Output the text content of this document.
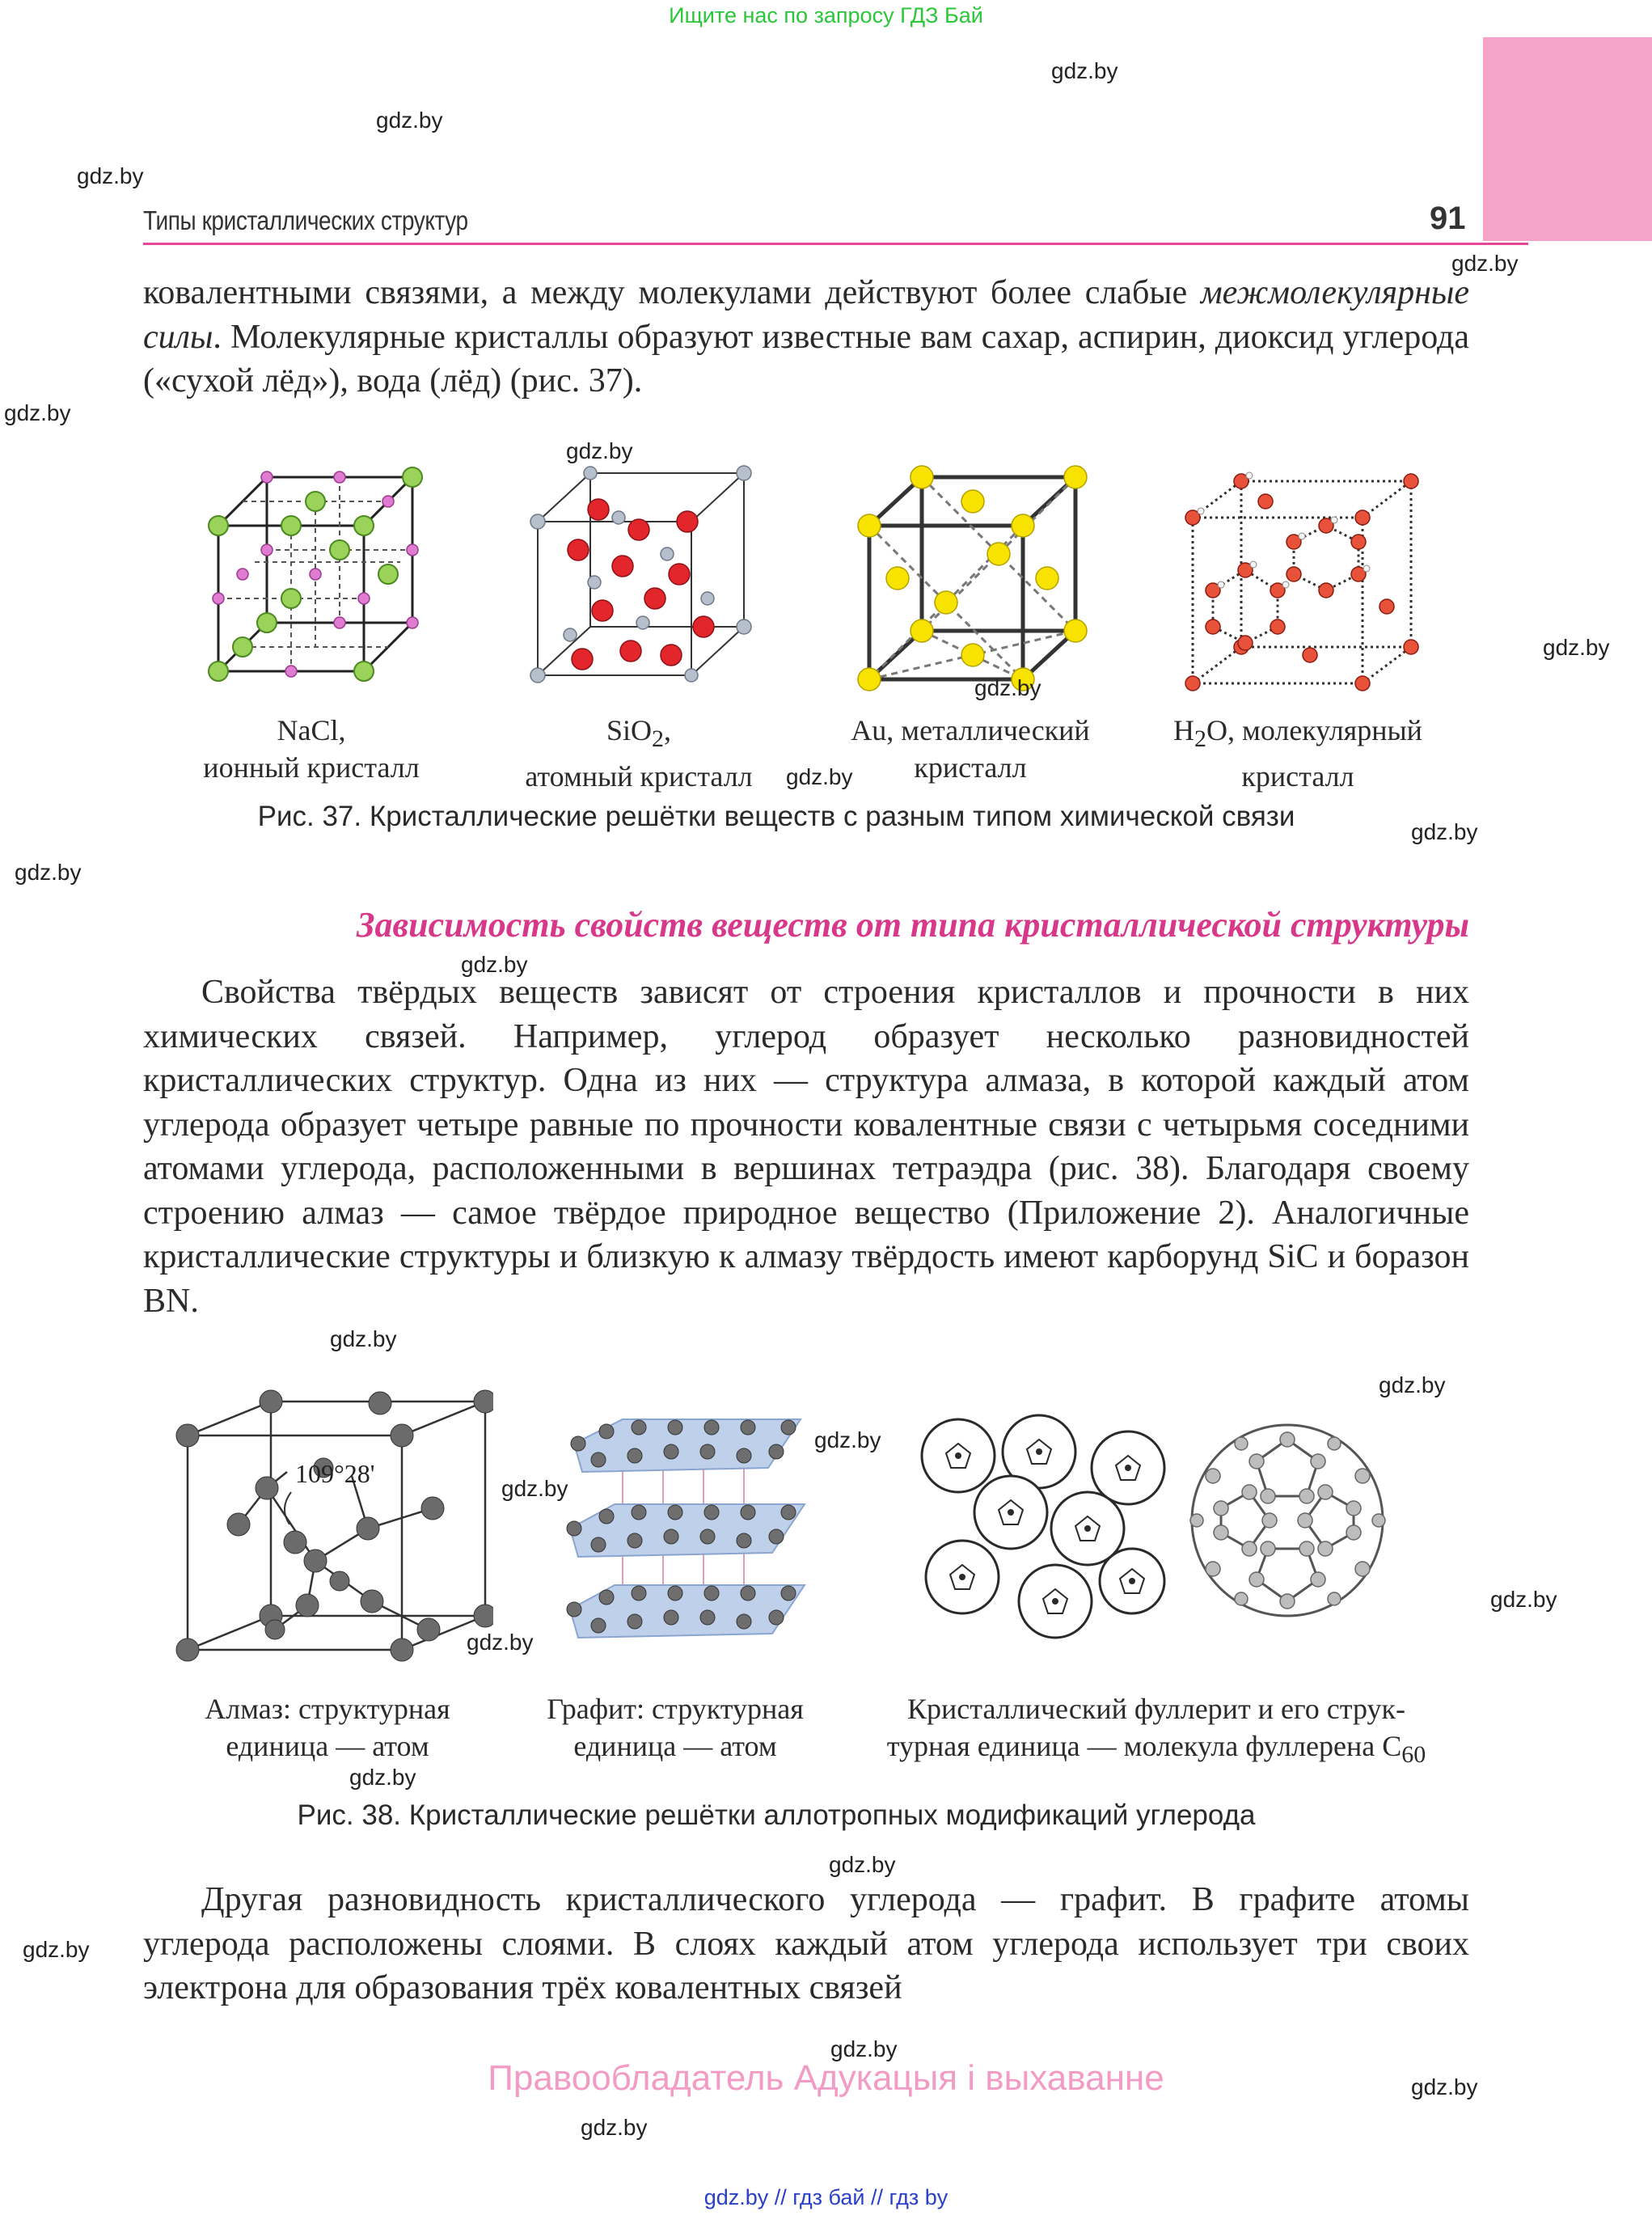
Ищите нас по запросу ГДЗ Бай
Типы кристаллических структур	91
ковалентными связями, а между молекулами действуют более слабые межмолекулярные силы. Молекулярные кристаллы образуют известные вам сахар, аспирин, диоксид углерода («сухой лёд»), вода (лёд) (рис. 37).
NaCl,
ионный кристалл
SiO$_2$,
атомный кристалл
Au, металлический
кристалл
$H_2O$, молекулярный
кристалл
Рис. 37. Кристаллические решётки веществ с разным типом химической связи
Зависимость свойств веществ от типа кристаллической структуры
Свойства твёрдых веществ зависят от строения кристаллов и прочности в них химических связей. Например, углерод образует несколько разновидностей кристаллических структур. Одна из них — структура алмаза, в которой каждый атом углерода образует четыре равные по прочности ковалентные связи с четырьмя соседними атомами углерода, расположенными в вершинах тетраэдра (рис. 38). Благодаря своему строению алмаз — самое твёрдое природное вещество (Приложение 2). Аналогичные кристаллические структуры и близкую к алмазу твёрдость имеют карборунд SiC и боразон BN.
109°28'
Алмаз: структурная
единица — атом
Графит: структурная
единица — атом
Кристаллический фуллерит и его струк-
турная единица — молекула фуллерена $C_{60}$
Рис. 38. Кристаллические решётки аллотропных модификаций углерода
Другая разновидность кристаллического углерода — графит. В графите атомы углерода расположены слоями. В слоях каждый атом углерода использует три своих электрона для образования трёх ковалентных связей
Правообладатель Адукацыя і выхаванне
gdz.by // гдз бай // гдз by
gdz.by
gdz.by
gdz.by
gdz.by
gdz.by
gdz.by
gdz.by
gdz.by
gdz.by
gdz.by
gdz.by
gdz.by
gdz.by
gdz.by
gdz.by
gdz.by
gdz.by
gdz.by
gdz.by
gdz.by
gdz.by
gdz.by
gdz.by
gdz.by
